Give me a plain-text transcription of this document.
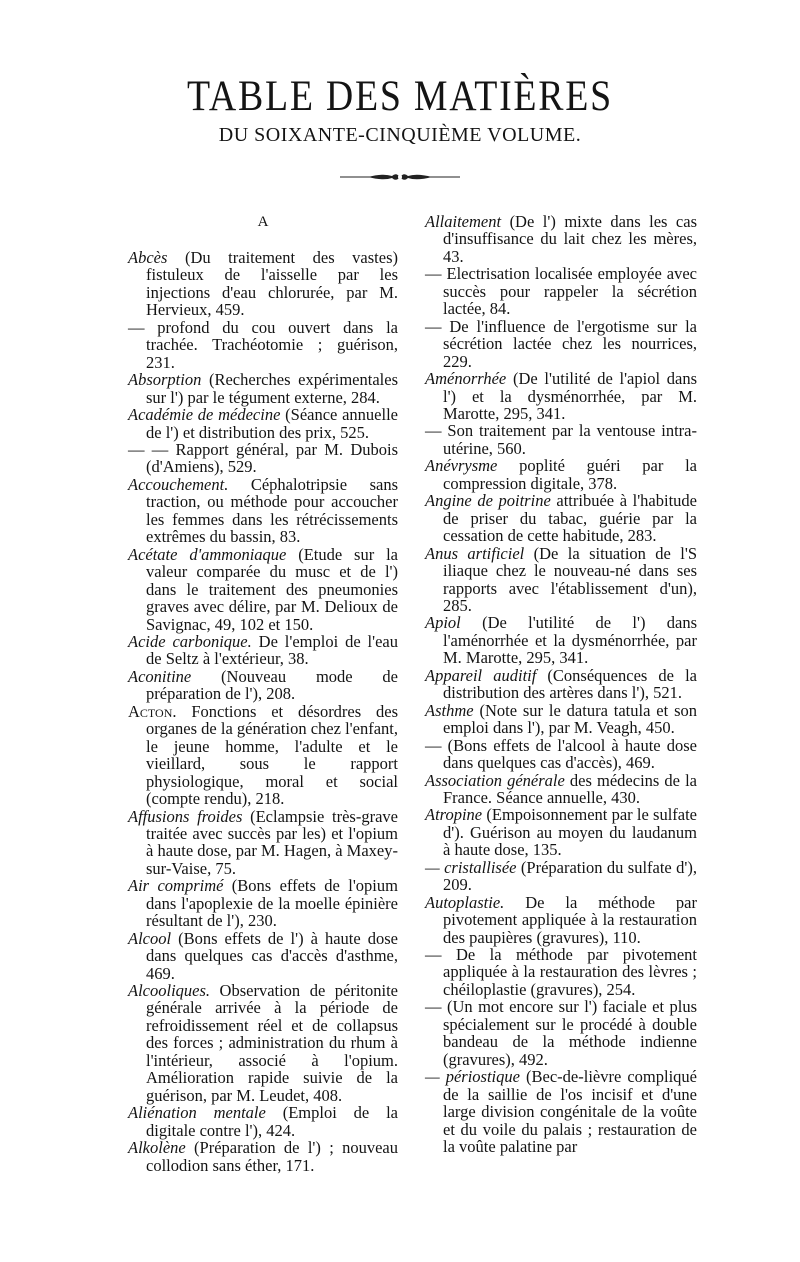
TABLE DES MATIÈRES
DU SOIXANTE-CINQUIÈME VOLUME.
A

Abcès (Du traitement des vastes) fistuleux de l'aisselle par les injections d'eau chlorurée, par M. Hervieux, 459.

— profond du cou ouvert dans la trachée. Trachéotomie ; guérison, 231.

Absorption (Recherches expérimentales sur l') par le tégument externe, 284.

Académie de médecine (Séance annuelle de l') et distribution des prix, 525.

— — Rapport général, par M. Dubois (d'Amiens), 529.

Accouchement. Céphalotripsie sans traction, ou méthode pour accoucher les femmes dans les rétrécissements extrêmes du bassin, 83.

Acétate d'ammoniaque (Etude sur la valeur comparée du musc et de l') dans le traitement des pneumonies graves avec délire, par M. Delioux de Savignac, 49, 102 et 150.

Acide carbonique. De l'emploi de l'eau de Seltz à l'extérieur, 38.

Aconitine (Nouveau mode de préparation de l'), 208.

Acton. Fonctions et désordres des organes de la génération chez l'enfant, le jeune homme, l'adulte et le vieillard, sous le rapport physiologique, moral et social (compte rendu), 218.

Affusions froides (Eclampsie très-grave traitée avec succès par les) et l'opium à haute dose, par M. Hagen, à Maxey-sur-Vaise, 75.

Air comprimé (Bons effets de l'opium dans l'apoplexie de la moelle épinière résultant de l'), 230.

Alcool (Bons effets de l') à haute dose dans quelques cas d'accès d'asthme, 469.

Alcooliques. Observation de péritonite générale arrivée à la période de refroidissement réel et de collapsus des forces ; administration du rhum à l'intérieur, associé à l'opium. Amélioration rapide suivie de la guérison, par M. Leudet, 408.

Aliénation mentale (Emploi de la digitale contre l'), 424.

Alkolène (Préparation de l') ; nouveau collodion sans éther, 171.

Allaitement (De l') mixte dans les cas d'insuffisance du lait chez les mères, 43.

— Electrisation localisée employée avec succès pour rappeler la sécrétion lactée, 84.

— De l'influence de l'ergotisme sur la sécrétion lactée chez les nourrices, 229.

Aménorrhée (De l'utilité de l'apiol dans l') et la dysménorrhée, par M. Marotte, 295, 341.

— Son traitement par la ventouse intra-utérine, 560.

Anévrysme poplité guéri par la compression digitale, 378.

Angine de poitrine attribuée à l'habitude de priser du tabac, guérie par la cessation de cette habitude, 283.

Anus artificiel (De la situation de l'S iliaque chez le nouveau-né dans ses rapports avec l'établissement d'un), 285.

Apiol (De l'utilité de l') dans l'aménorrhée et la dysménorrhée, par M. Marotte, 295, 341.

Appareil auditif (Conséquences de la distribution des artères dans l'), 521.

Asthme (Note sur le datura tatula et son emploi dans l'), par M. Veagh, 450.

— (Bons effets de l'alcool à haute dose dans quelques cas d'accès), 469.

Association générale des médecins de la France. Séance annuelle, 430.

Atropine (Empoisonnement par le sulfate d'). Guérison au moyen du laudanum à haute dose, 135.

— cristallisée (Préparation du sulfate d'), 209.

Autoplastie. De la méthode par pivotement appliquée à la restauration des paupières (gravures), 110.

— De la méthode par pivotement appliquée à la restauration des lèvres ; chéiloplastie (gravures), 254.

— (Un mot encore sur l') faciale et plus spécialement sur le procédé à double bandeau de la méthode indienne (gravures), 492.

— périostique (Bec-de-lièvre compliqué de la saillie de l'os incisif et d'une large division congénitale de la voûte et du voile du palais ; restauration de la voûte palatine par
